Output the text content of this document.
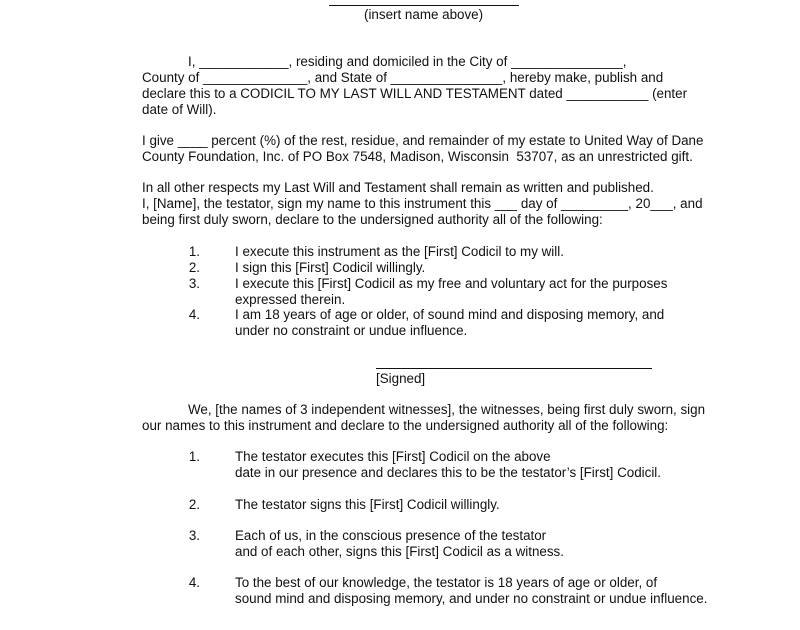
(insert name above)
I, ____________, residing and domiciled in the City of _______________,
County of ______________, and State of _______________, hereby make, publish and
declare this to a CODICIL TO MY LAST WILL AND TESTAMENT dated ___________ (enter
date of Will).
I give ____ percent (%) of the rest, residue, and remainder of my estate to United Way of Dane
County Foundation, Inc. of PO Box 7548, Madison, Wisconsin  53707, as an unrestricted gift.
In all other respects my Last Will and Testament shall remain as written and published.
I, [Name], the testator, sign my name to this instrument this ___ day of _________, 20___, and
being first duly sworn, declare to the undersigned authority all of the following:
1.	I execute this instrument as the [First] Codicil to my will.
2.	I sign this [First] Codicil willingly.
3.	I execute this [First] Codicil as my free and voluntary act for the purposes
expressed therein.
4.	I am 18 years of age or older, of sound mind and disposing memory, and
under no constraint or undue influence.
[Signed]
We, [the names of 3 independent witnesses], the witnesses, being first duly sworn, sign
our names to this instrument and declare to the undersigned authority all of the following:
1.	The testator executes this [First] Codicil on the above
date in our presence and declares this to be the testator’s [First] Codicil.
2.	The testator signs this [First] Codicil willingly.
3.	Each of us, in the conscious presence of the testator
and of each other, signs this [First] Codicil as a witness.
4.	To the best of our knowledge, the testator is 18 years of age or older, of
sound mind and disposing memory, and under no constraint or undue influence.
